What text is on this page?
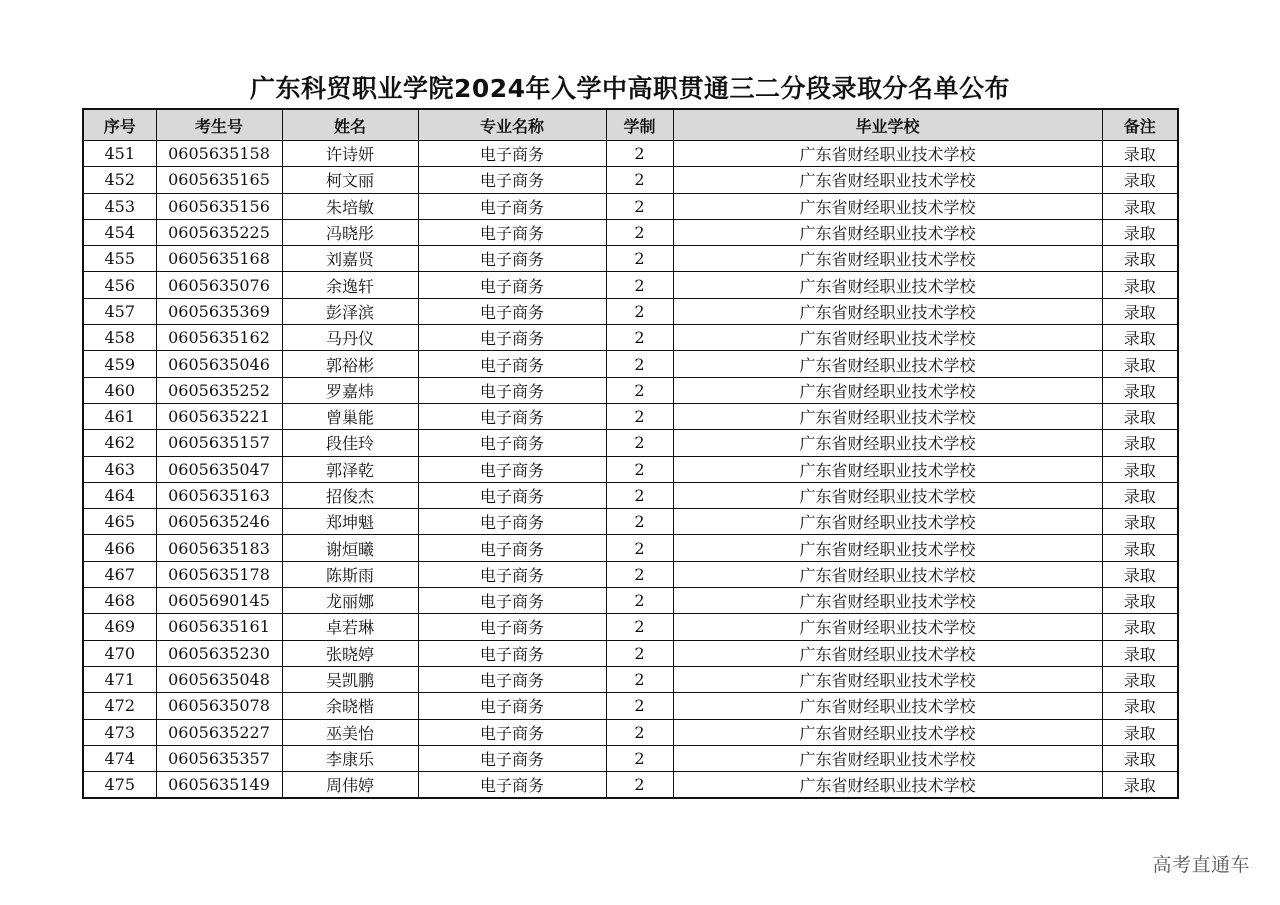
广东科贸职业学院2024年入学中高职贯通三二分段录取分名单公布
序号	考生号	姓名	专业名称	学制	毕业学校	备注
451	0605635158	许诗妍	电子商务	2	广东省财经职业技术学校	录取
452	0605635165	柯文丽	电子商务	2	广东省财经职业技术学校	录取
453	0605635156	朱培敏	电子商务	2	广东省财经职业技术学校	录取
454	0605635225	冯晓彤	电子商务	2	广东省财经职业技术学校	录取
455	0605635168	刘嘉贤	电子商务	2	广东省财经职业技术学校	录取
456	0605635076	余逸轩	电子商务	2	广东省财经职业技术学校	录取
457	0605635369	彭泽滨	电子商务	2	广东省财经职业技术学校	录取
458	0605635162	马丹仪	电子商务	2	广东省财经职业技术学校	录取
459	0605635046	郭裕彬	电子商务	2	广东省财经职业技术学校	录取
460	0605635252	罗嘉炜	电子商务	2	广东省财经职业技术学校	录取
461	0605635221	曾巢能	电子商务	2	广东省财经职业技术学校	录取
462	0605635157	段佳玲	电子商务	2	广东省财经职业技术学校	录取
463	0605635047	郭泽乾	电子商务	2	广东省财经职业技术学校	录取
464	0605635163	招俊杰	电子商务	2	广东省财经职业技术学校	录取
465	0605635246	郑坤魁	电子商务	2	广东省财经职业技术学校	录取
466	0605635183	谢烜曦	电子商务	2	广东省财经职业技术学校	录取
467	0605635178	陈斯雨	电子商务	2	广东省财经职业技术学校	录取
468	0605690145	龙丽娜	电子商务	2	广东省财经职业技术学校	录取
469	0605635161	卓若琳	电子商务	2	广东省财经职业技术学校	录取
470	0605635230	张晓婷	电子商务	2	广东省财经职业技术学校	录取
471	0605635048	吴凯鹏	电子商务	2	广东省财经职业技术学校	录取
472	0605635078	余晓楷	电子商务	2	广东省财经职业技术学校	录取
473	0605635227	巫美怡	电子商务	2	广东省财经职业技术学校	录取
474	0605635357	李康乐	电子商务	2	广东省财经职业技术学校	录取
475	0605635149	周伟婷	电子商务	2	广东省财经职业技术学校	录取
高考直通车
